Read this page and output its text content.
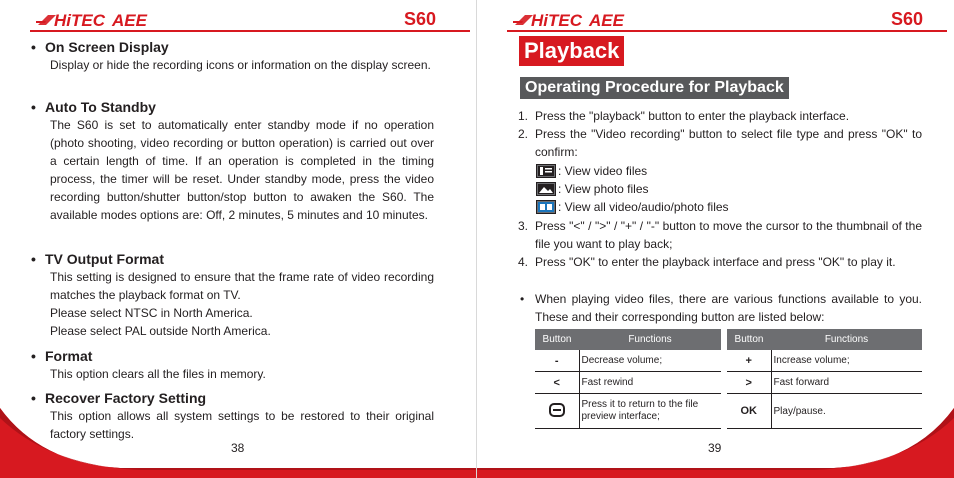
HiTEC AEE	S60
• On Screen Display

Display or hide the recording icons or information on the display screen.

• Auto To Standby

The S60 is set to automatically enter standby mode if no operation (photo shooting, video recording or button operation) is carried out over a certain length of time. If an operation is completed in the timing process, the timer will be reset. Under standby mode, press the video recording button/shutter button/stop button to awaken the S60. The available modes options are: Off, 2 minutes, 5 minutes and 10 minutes.

• TV Output Format

This setting is designed to ensure that the frame rate of video recording matches the playback format on TV.

Please select NTSC in North America.

Please select PAL outside North America.

• Format

This option clears all the files in memory.

• Recover Factory Setting

This option allows all system settings to be restored to their original factory settings.

38
HiTEC AEE	S60
39
Playback
Operating Procedure for Playback
1. Press the "playback" button to enter the playback interface.
2. Press the "Video recording" button to select file type and press "OK" to confirm:
: View video files
: View photo files
: View all video/audio/photo files
3. Press "<" / ">" / "+" / "-" button to move the cursor to the thumbnail of the file you want to play back;
4. Press "OK" to enter the playback interface and press "OK" to play it.
• When playing video files, there are various functions available to you. These and their corresponding button are listed below:
Button	Functions
-	Decrease volume;
<	Fast rewind
	Press it to return to the file preview interface;
Button	Functions
+	Increase volume;
>	Fast forward
OK	Play/pause.
